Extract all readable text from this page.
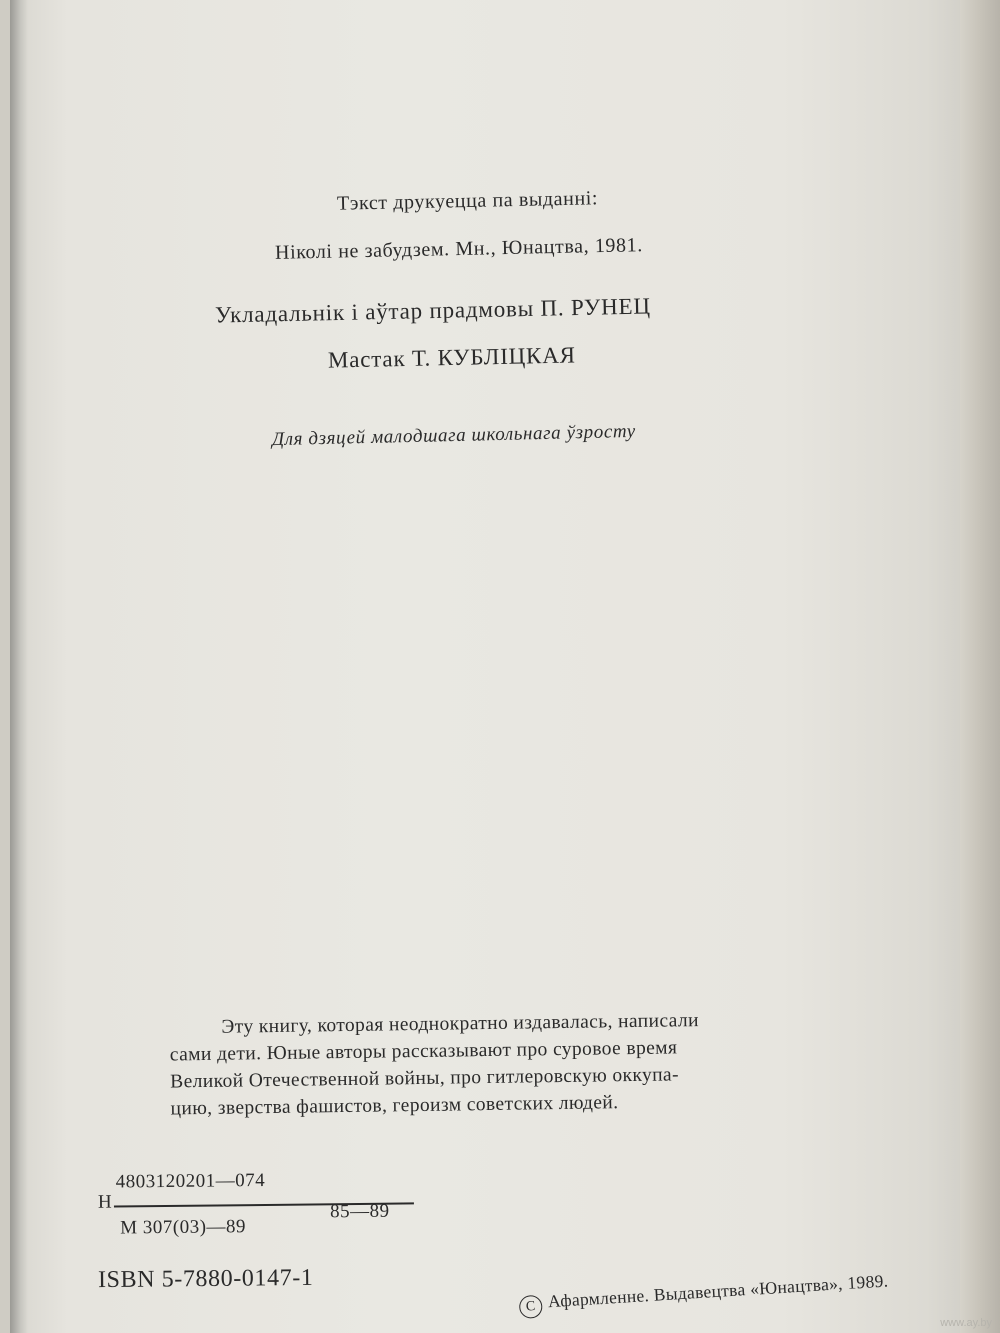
Тэкст друкуецца па выданні:
Ніколі не забудзем. Мн., Юнацтва, 1981.
Укладальнік і аўтар прадмовы П. РУНЕЦ
Мастак Т. КУБЛІЦКАЯ
Для дзяцей малодшага школьнага ўзросту
Эту книгу, которая неоднократно издавалась, написали
сами дети. Юные авторы рассказывают про суровое время
Великой Отечественной войны, про гитлеровскую оккупа-
цию, зверства фашистов, героизм советских людей.
Н
4803120201—074
М 307(03)—89
85—89
ISBN 5-7880-0147-1
C Афармленне. Выдавецтва «Юнацтва», 1989.
www.ay.by
